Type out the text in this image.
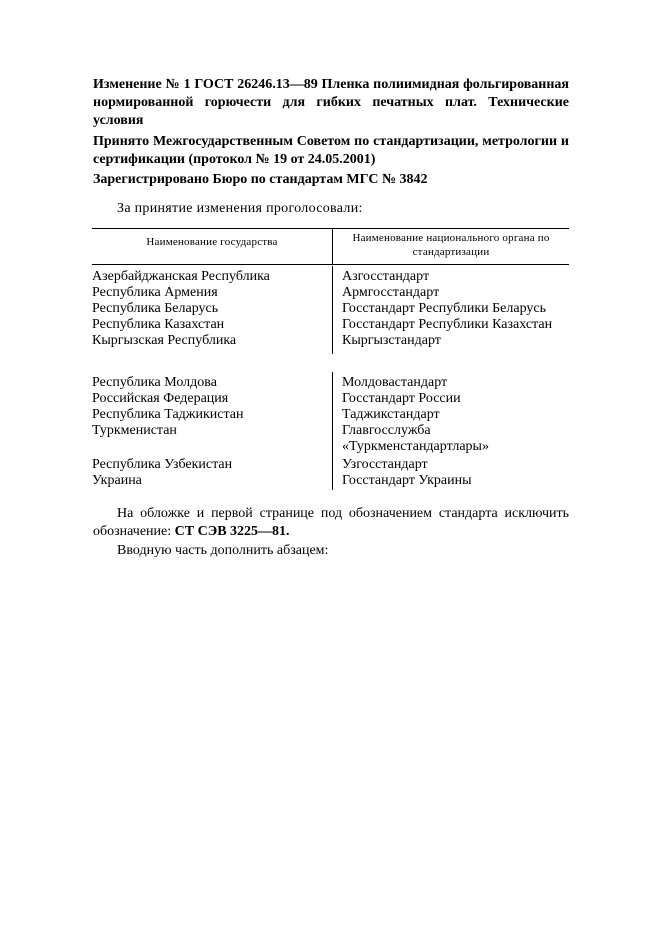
Изменение № 1 ГОСТ 26246.13—89 Пленка полиимидная фольгированная нормированной горючести для гибких печатных плат. Технические условия
Принято Межгосударственным Советом по стандартизации, метрологии и сертификации (протокол № 19 от 24.05.2001)
Зарегистрировано Бюро по стандартам МГС № 3842
За принятие изменения проголосовали:
Наименование государства	Наименование национального органа по стандартизации
Азербайджанская Республика	Азгосстандарт
Республика Армения	Армгосстандарт
Республика Беларусь	Госстандарт Республики Беларусь
Республика Казахстан	Госстандарт Республики Казахстан
Кыргызская Республика	Кыргызстандарт
Республика Молдова	Молдовастандарт
Российская Федерация	Госстандарт России
Республика Таджикистан	Таджикстандарт
Туркменистан	Главгосслужба «Туркменстандартлары»
Республика Узбекистан	Узгосстандарт
Украина	Госстандарт Украины
На обложке и первой странице под обозначением стандарта исключить обозначение: СТ СЭВ 3225—81.
Вводную часть дополнить абзацем:
